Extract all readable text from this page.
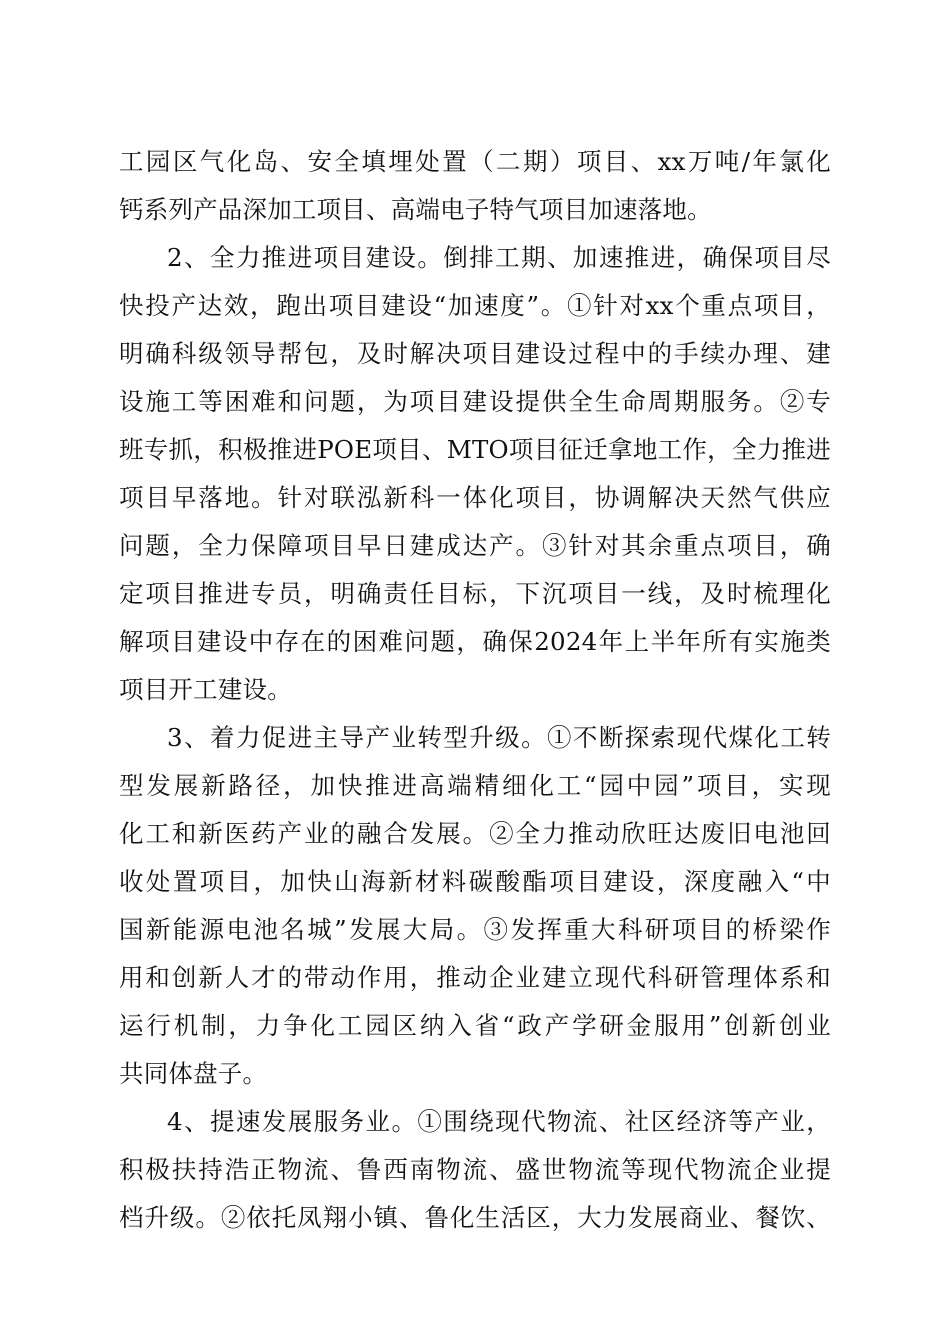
工园区气化岛、安全填埋处置（二期）项目、xx万吨/年氯化
钙系列产品深加工项目、高端电子特气项目加速落地。
2、全力推进项目建设。倒排工期、加速推进，确保项目尽
快投产达效，跑出项目建设“加速度”。①针对xx个重点项目，
明确科级领导帮包，及时解决项目建设过程中的手续办理、建
设施工等困难和问题，为项目建设提供全生命周期服务。②专
班专抓，积极推进POE项目、MTO项目征迁拿地工作，全力推进
项目早落地。针对联泓新科一体化项目，协调解决天然气供应
问题，全力保障项目早日建成达产。③针对其余重点项目，确
定项目推进专员，明确责任目标，下沉项目一线，及时梳理化
解项目建设中存在的困难问题，确保2024年上半年所有实施类
项目开工建设。
3、着力促进主导产业转型升级。①不断探索现代煤化工转
型发展新路径，加快推进高端精细化工“园中园”项目，实现
化工和新医药产业的融合发展。②全力推动欣旺达废旧电池回
收处置项目，加快山海新材料碳酸酯项目建设，深度融入“中
国新能源电池名城”发展大局。③发挥重大科研项目的桥梁作
用和创新人才的带动作用，推动企业建立现代科研管理体系和
运行机制，力争化工园区纳入省“政产学研金服用”创新创业
共同体盘子。
4、提速发展服务业。①围绕现代物流、社区经济等产业，
积极扶持浩正物流、鲁西南物流、盛世物流等现代物流企业提
档升级。②依托凤翔小镇、鲁化生活区，大力发展商业、餐饮、
